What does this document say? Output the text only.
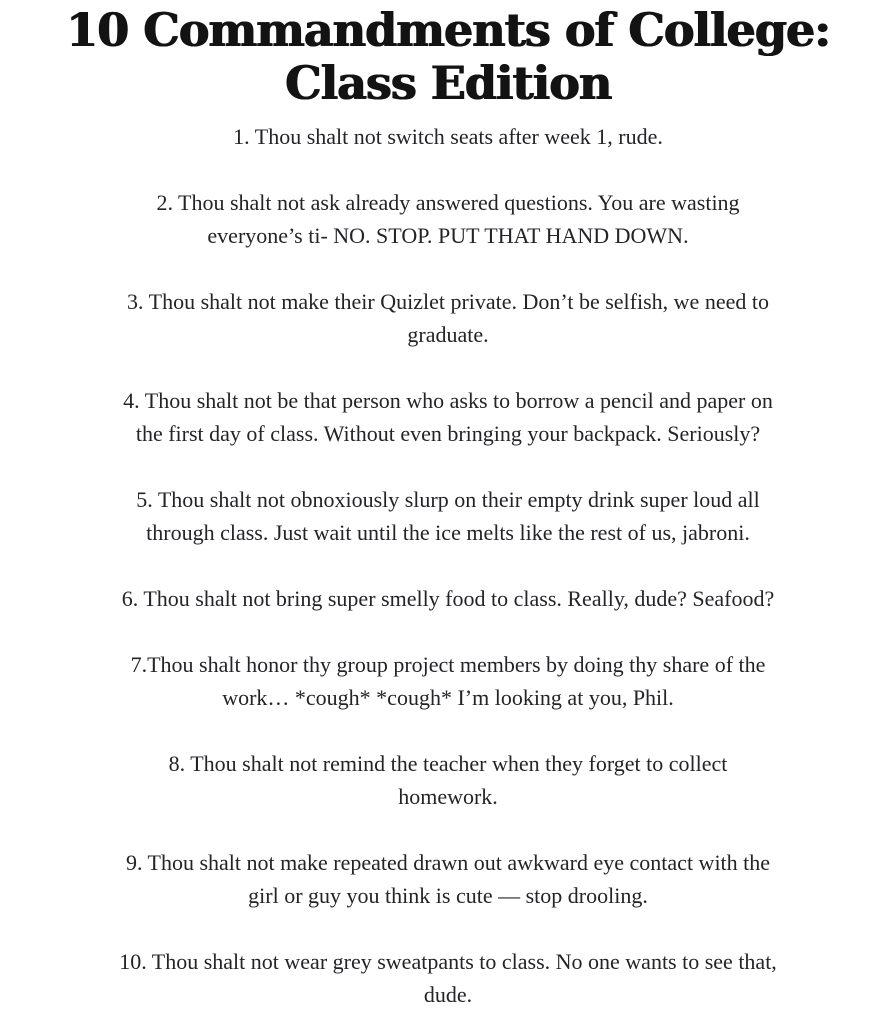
10 Commandments of College:
Class Edition

1. Thou shalt not switch seats after week 1, rude.

2. Thou shalt not ask already answered questions. You are wasting
everyone’s ti- NO. STOP. PUT THAT HAND DOWN.

3. Thou shalt not make their Quizlet private. Don’t be selfish, we need to
graduate.

4. Thou shalt not be that person who asks to borrow a pencil and paper on
the first day of class. Without even bringing your backpack. Seriously?

5. Thou shalt not obnoxiously slurp on their empty drink super loud all
through class. Just wait until the ice melts like the rest of us, jabroni.

6. Thou shalt not bring super smelly food to class. Really, dude? Seafood?

7.Thou shalt honor thy group project members by doing thy share of the
work… *cough* *cough* I’m looking at you, Phil.

8. Thou shalt not remind the teacher when they forget to collect
homework.

9. Thou shalt not make repeated drawn out awkward eye contact with the
girl or guy you think is cute — stop drooling.

10. Thou shalt not wear grey sweatpants to class. No one wants to see that,
dude.
